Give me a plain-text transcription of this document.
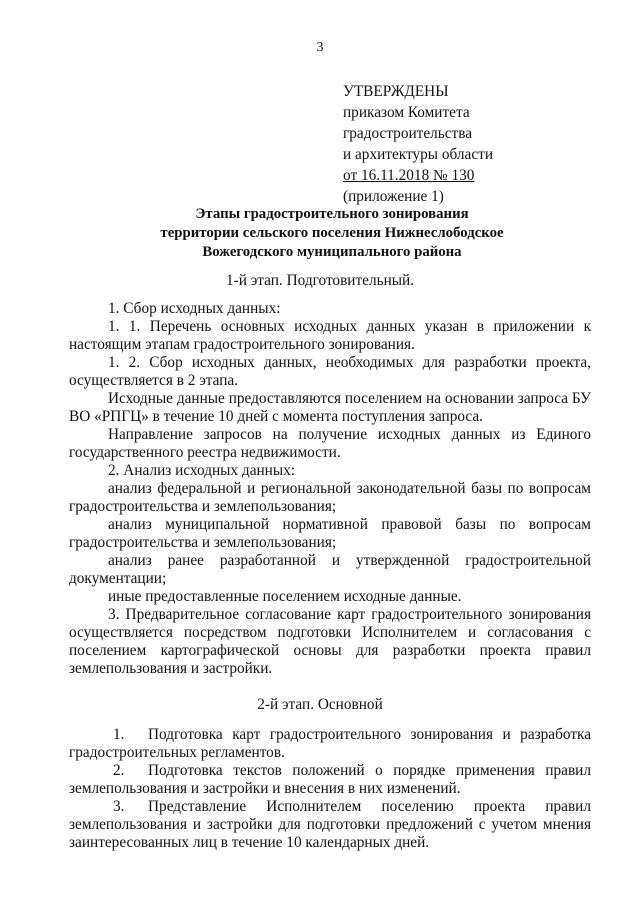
3
УТВЕРЖДЕНЫ
приказом Комитета
градостроительства
и архитектуры области
от 16.11.2018 № 130
(приложение 1)
Этапы градостроительного зонирования
территории сельского поселения Нижнеслободское
Вожегодского муниципального района
1-й этап. Подготовительный.
1. Сбор исходных данных:
1. 1. Перечень основных исходных данных указан в приложении к
настоящим этапам градостроительного зонирования.
1. 2. Сбор исходных данных, необходимых для разработки проекта,
осуществляется в 2 этапа.
Исходные данные предоставляются поселением на основании запроса БУ
ВО «РПГЦ» в течение 10 дней с момента поступления запроса.
Направление запросов на получение исходных данных из Единого
государственного реестра недвижимости.
2. Анализ исходных данных:
анализ федеральной и региональной законодательной базы по вопросам
градостроительства и землепользования;
анализ муниципальной нормативной правовой базы по вопросам
градостроительства и землепользования;
анализ ранее разработанной и утвержденной градостроительной
документации;
иные предоставленные поселением исходные данные.
3. Предварительное согласование карт градостроительного зонирования
осуществляется посредством подготовки Исполнителем и согласования с
поселением картографической основы для разработки проекта правил
землепользования и застройки.
2-й этап. Основной
1.	Подготовка карт градостроительного зонирования и разработка
градостроительных регламентов.
2.	Подготовка текстов положений о порядке применения правил
землепользования и застройки и внесения в них изменений.
3.	Представление Исполнителем поселению проекта правил
землепользования и застройки для подготовки предложений с учетом мнения
заинтересованных лиц в течение 10 календарных дней.
